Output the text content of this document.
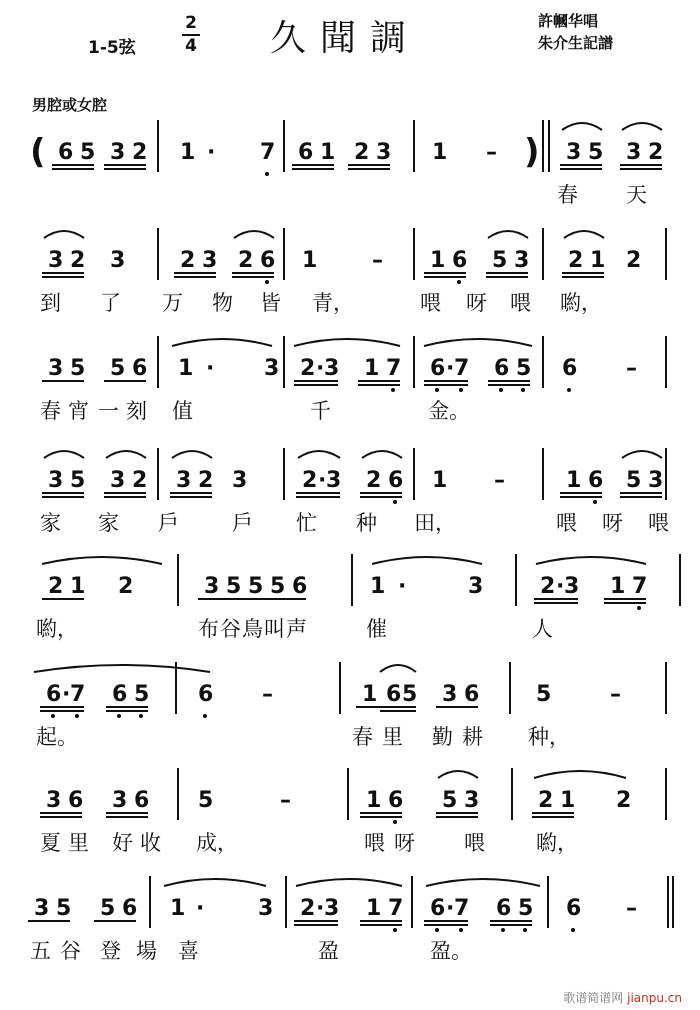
1-5弦
2
4 久聞調	許幗华唱
朱介生記譜
男腔或女腔
( 6 5 3 2 1 · 7 6 1 2 3 1 – ) 3 5 3 2
春 天
3 2 3 2 3 2 6 1 – 1 6 5 3 2 1 2
到 了 万 物 皆 青，	喂 呀 喂 喲，
3 5 5 6 1 · 3 2 · 3 1 7 6 · 7 6 5 6 –
春 宵 一 刻 值	千	金。
3 5 3 2 3 2 3 2 · 3 2 6 1 –	1 6 5 3
家 家 戶	戶 忙 种 田，	喂 呀 喂
2 1 2	3 5 5 5 6	1 ·	3	2 · 3 1 7
喲，	布 谷 鳥 叫 声	催	人
6 · 7 6 5 6 –	1 6 5 3 6	5	–
起。	春 里 勤 耕 种，
3 6 3 6 5	–	1 6 5 3	2 1 2
夏 里 好 收 成，	喂 呀 喂 喲，
3 5 5 6 1 · 3 2 · 3 1 7 6 · 7 6 5 6 –
五 谷 登 場 喜	盈	盈。
歌谱简谱网 jianpu.cn
